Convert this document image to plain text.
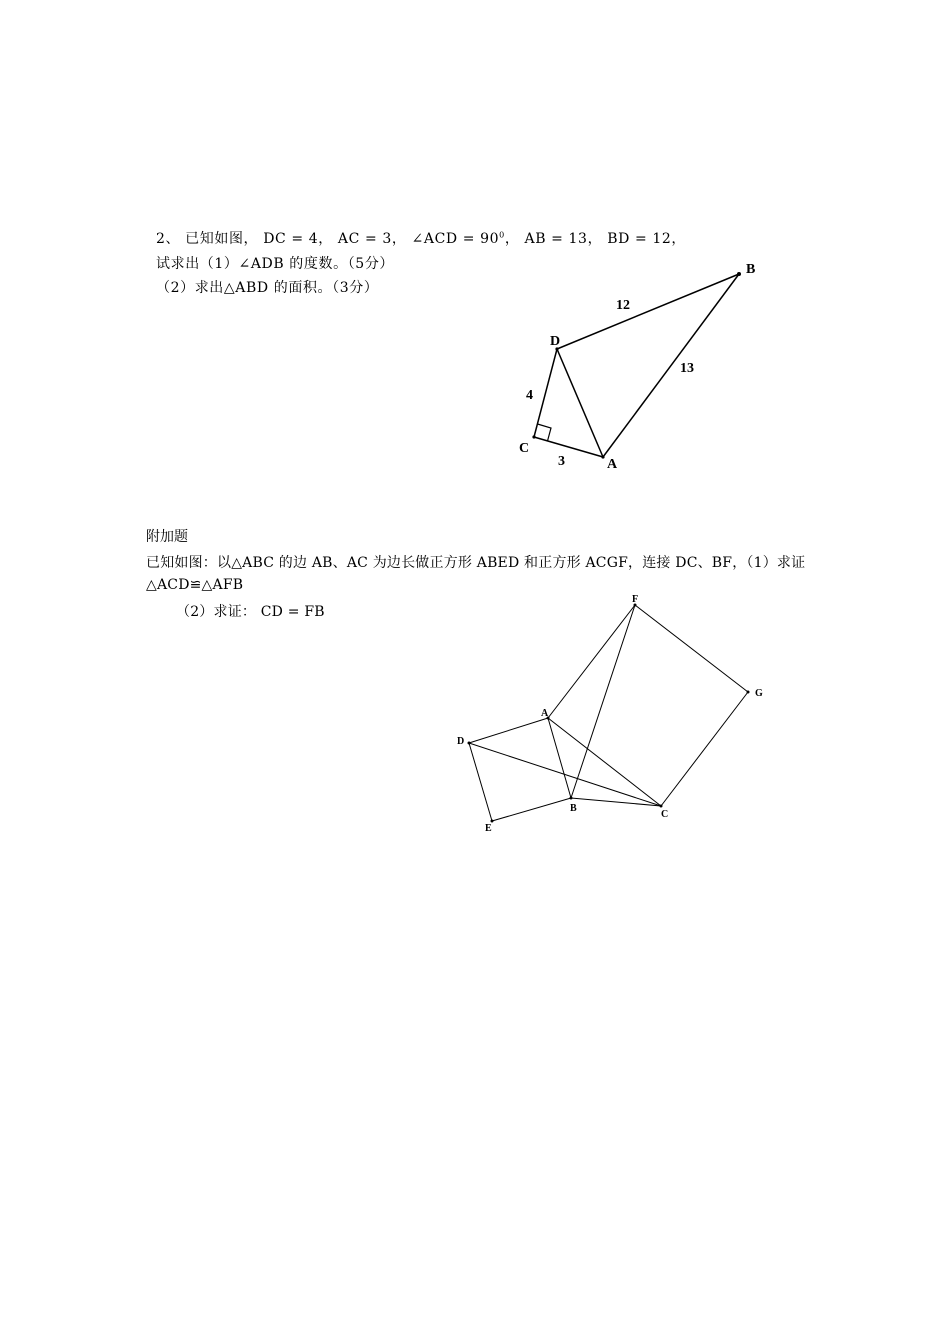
2、 已知如图， DC = 4， AC = 3， ∠ACD = $90^0$， AB = 13， BD = 12，
试求出（1）∠ADB 的度数。（5分）
（2）求出△ABD 的面积。（3分）
B
D
C
A
4
3
12
13
附加题
已知如图：以△ABC 的边 AB、AC 为边长做正方形 ABED 和正方形 ACGF，连接 DC、BF，（1）求证
△ACD≌△AFB
（2）求证： CD = FB
F
G
A
D
B
C
E
